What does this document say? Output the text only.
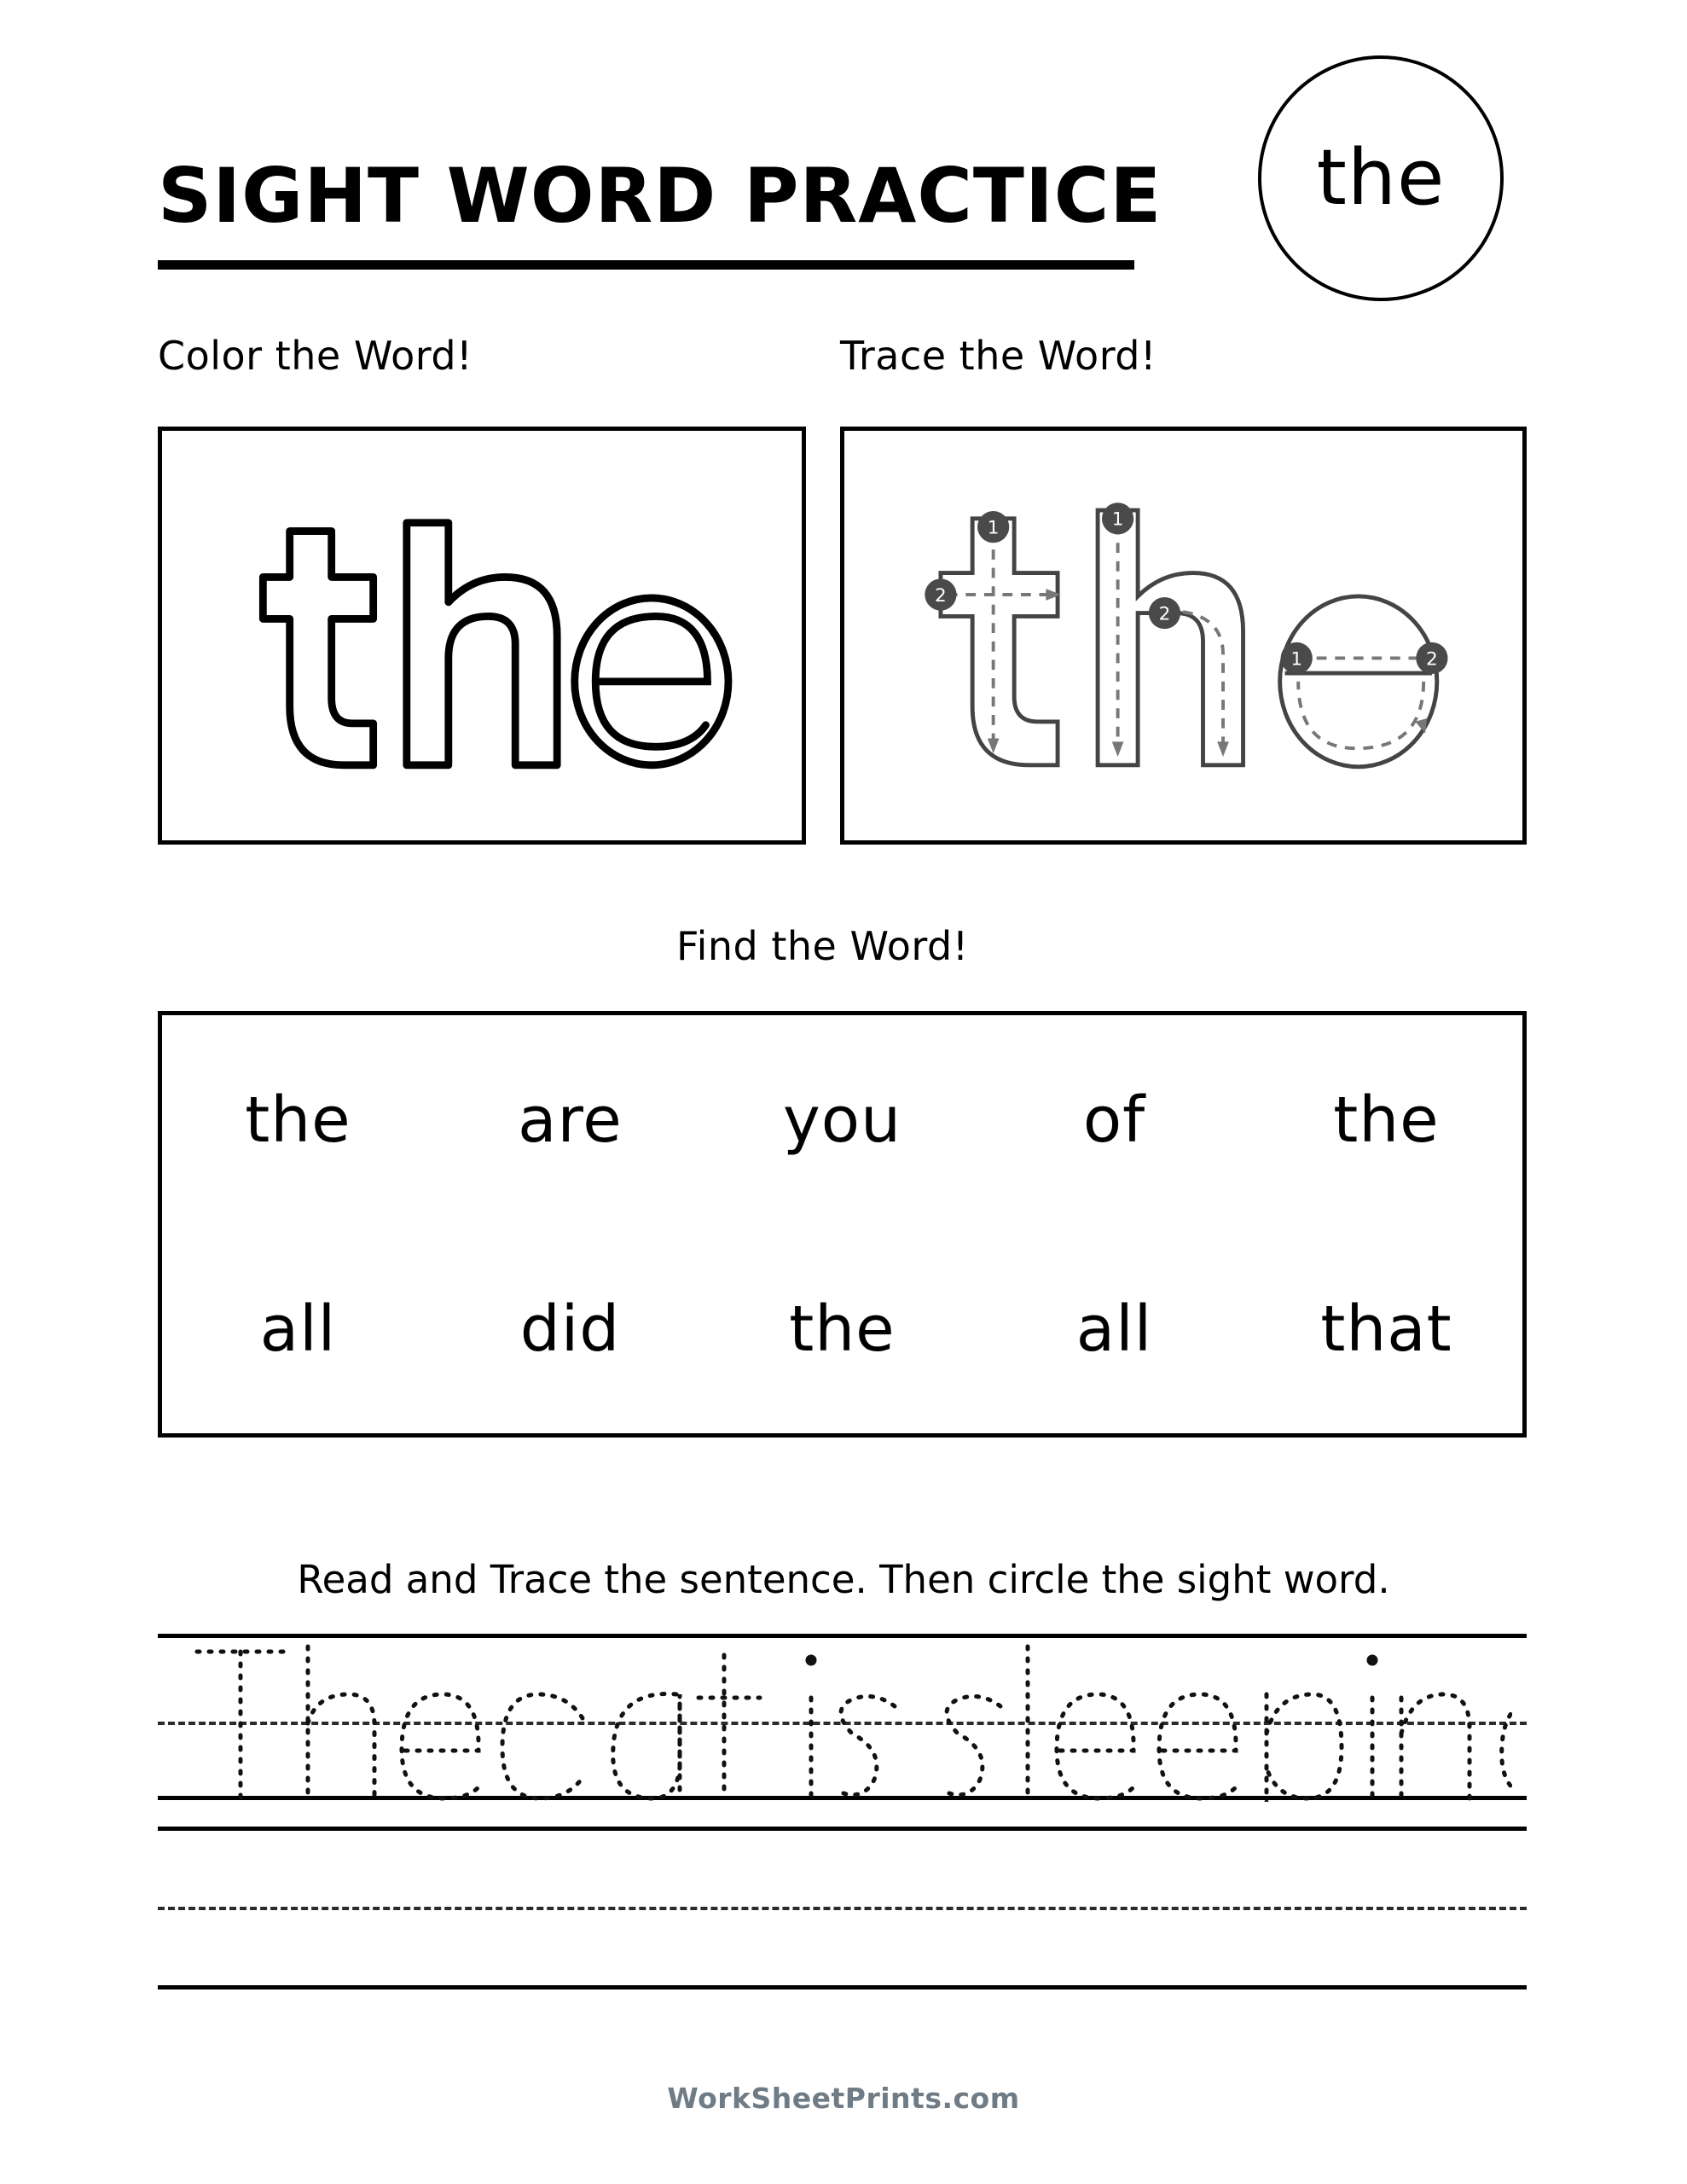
SIGHT WORD PRACTICE the
Color the Word!	Trace the Word!
Find the Word!
1
2
1
2
1	2
the	are	you	of	the
all	did	the	all	that
Read and Trace the sentence. Then circle the sight word.
WorkSheetPrints.com
